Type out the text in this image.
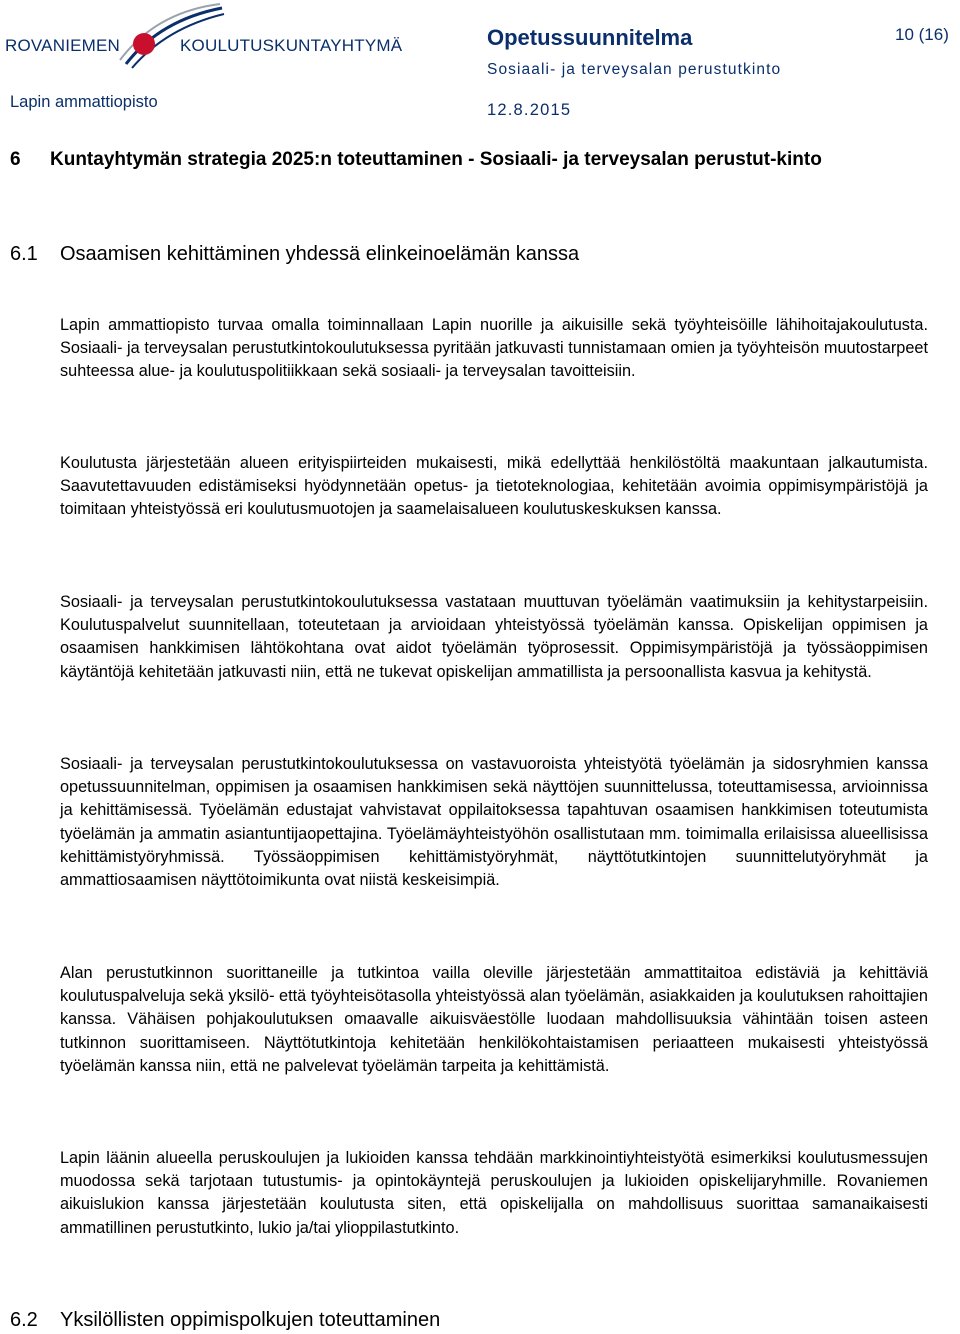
ROVANIEMEN	KOULUTUSKUNTAYHTYMÄ
Lapin ammattiopisto
Opetussuunnitelma
Sosiaali- ja terveysalan perustutkinto
12.8.2015
10 (16)
6 Kuntayhtymän strategia 2025:n toteuttaminen - Sosiaali- ja terveysalan perustut-kinto
6.1 Osaamisen kehittäminen yhdessä elinkeinoelämän kanssa

Lapin ammattiopisto turvaa omalla toiminnallaan Lapin nuorille ja aikuisille sekä työyhteisöille lähihoitajakoulutusta. Sosiaali- ja terveysalan perustutkintokoulutuksessa pyritään jatkuvasti tunnistamaan omien ja työyhteisön muutostarpeet suhteessa alue- ja koulutuspolitiikkaan sekä sosiaali- ja terveysalan tavoitteisiin.

Koulutusta järjestetään alueen erityispiirteiden mukaisesti, mikä edellyttää henkilöstöltä maakuntaan jalkautumista. Saavutettavuuden edistämiseksi hyödynnetään opetus- ja tietoteknologiaa, kehitetään avoimia oppimisympäristöjä ja toimitaan yhteistyössä eri koulutusmuotojen ja saamelaisalueen koulutuskeskuksen kanssa.

Sosiaali- ja terveysalan perustutkintokoulutuksessa vastataan muuttuvan työelämän vaatimuksiin ja kehitystarpeisiin. Koulutuspalvelut suunnitellaan, toteutetaan ja arvioidaan yhteistyössä työelämän kanssa. Opiskelijan oppimisen ja osaamisen hankkimisen lähtökohtana ovat aidot työelämän työprosessit. Oppimisympäristöjä ja työssäoppimisen käytäntöjä kehitetään jatkuvasti niin, että ne tukevat opiskelijan ammatillista ja persoonallista kasvua ja kehitystä.

Sosiaali- ja terveysalan perustutkintokoulutuksessa on vastavuoroista yhteistyötä työelämän ja sidosryhmien kanssa opetussuunnitelman, oppimisen ja osaamisen hankkimisen sekä näyttöjen suunnittelussa, toteuttamisessa, arvioinnissa ja kehittämisessä. Työelämän edustajat vahvistavat oppilaitoksessa tapahtuvan osaamisen hankkimisen toteutumista työelämän ja ammatin asiantuntijaopettajina. Työelämäyhteistyöhön osallistutaan mm. toimimalla erilaisissa alueellisissa kehittämistyöryhmissä. Työssäoppimisen kehittämistyöryhmät, näyttötutkintojen suunnittelutyöryhmät ja ammattiosaamisen näyttötoimikunta ovat niistä keskeisimpiä.

Alan perustutkinnon suorittaneille ja tutkintoa vailla oleville järjestetään ammattitaitoa edistäviä ja kehittäviä koulutuspalveluja sekä yksilö- että työyhteisötasolla yhteistyössä alan työelämän, asiakkaiden ja koulutuksen rahoittajien kanssa. Vähäisen pohjakoulutuksen omaavalle aikuisväestölle luodaan mahdollisuuksia vähintään toisen asteen tutkinnon suorittamiseen. Näyttötutkintoja kehitetään henkilökohtaistamisen periaatteen mukaisesti yhteistyössä työelämän kanssa niin, että ne palvelevat työelämän tarpeita ja kehittämistä.

Lapin läänin alueella peruskoulujen ja lukioiden kanssa tehdään markkinointiyhteistyötä esimerkiksi koulutusmessujen muodossa sekä tarjotaan tutustumis- ja opintokäyntejä peruskoulujen ja lukioiden opiskelijaryhmille. Rovaniemen aikuislukion kanssa järjestetään koulutusta siten, että opiskelijalla on mahdollisuus suorittaa samanaikaisesti ammatillinen perustutkinto, lukio ja/tai ylioppilastutkinto.

6.2 Yksilöllisten oppimispolkujen toteuttaminen
